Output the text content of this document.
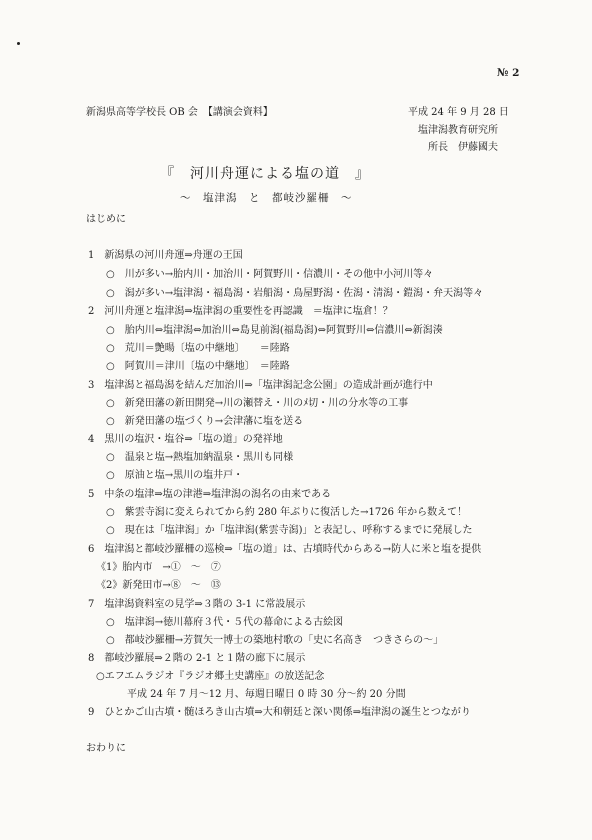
№ 2
新潟県高等学校長 OB 会　【講演会資料】	平成 24 年 9 月 28 日
塩津潟教育研究所
所長　伊藤國夫
『　河川舟運による塩の道　』
～　塩津潟　と　都岐沙羅柵　～
はじめに
1　新潟県の河川舟運⇒舟運の王国
○　川が多い→胎内川・加治川・阿賀野川・信濃川・その他中小河川等々
○　潟が多い→塩津潟・福島潟・岩船潟・鳥屋野潟・佐潟・清潟・鎧潟・弁天潟等々
2　河川舟運と塩津潟⇒塩津潟の重要性を再認識　＝塩津に塩倉！？
○　胎内川⇔塩津潟⇔加治川⇔島見前潟(福島潟)⇔阿賀野川⇔信濃川⇔新潟湊
○　荒川＝艶暘〔塩の中継地〕　　＝陸路
○　阿賀川＝津川〔塩の中継地〕　＝陸路
3　塩津潟と福島潟を結んだ加治川⇒「塩津潟記念公園」の造成計画が進行中
○　新発田藩の新田開発→川の瀬替え・川のﾒ切・川の分水等の工事
○　新発田藩の塩づくり→会津藩に塩を送る
4　黒川の塩沢・塩谷⇒「塩の道」の発祥地
○　温泉と塩→熱塩加納温泉・黒川も同様
○　原油と塩→黒川の塩井戸・
5　中条の塩津⇒塩の津港⇒塩津潟の潟名の由来である
○　紫雲寺潟に変えられてから約 280 年ぶりに復活した→1726 年から数えて！
○　現在は「塩津潟」か「塩津潟(紫雲寺潟)」と表記し、呼称するまでに発展した
6　塩津潟と都岐沙羅柵の巡検⇒「塩の道」は、古墳時代からある→防人に米と塩を提供
《1》胎内市　→①　～　⑦
《2》新発田市→⑧　～　⑬
7　塩津潟資料室の見学⇒３階の 3-1 に常設展示
○　塩津潟→徳川幕府３代・５代の幕命による古絵図
○　都岐沙羅柵→芳賀矢一博士の築地村歌の「史に名高き　つきさらの～」
8　都岐沙羅展⇒２階の 2-1 と１階の廊下に展示
○エフエムラジオ『ラジオ郷土史講座』の放送記念
平成 24 年 7 月～12 月、毎週日曜日 0 時 30 分～約 20 分間
9　ひとかご山古墳・髄ほろき山古墳⇒大和朝廷と深い関係⇒塩津潟の誕生とつながり
おわりに
